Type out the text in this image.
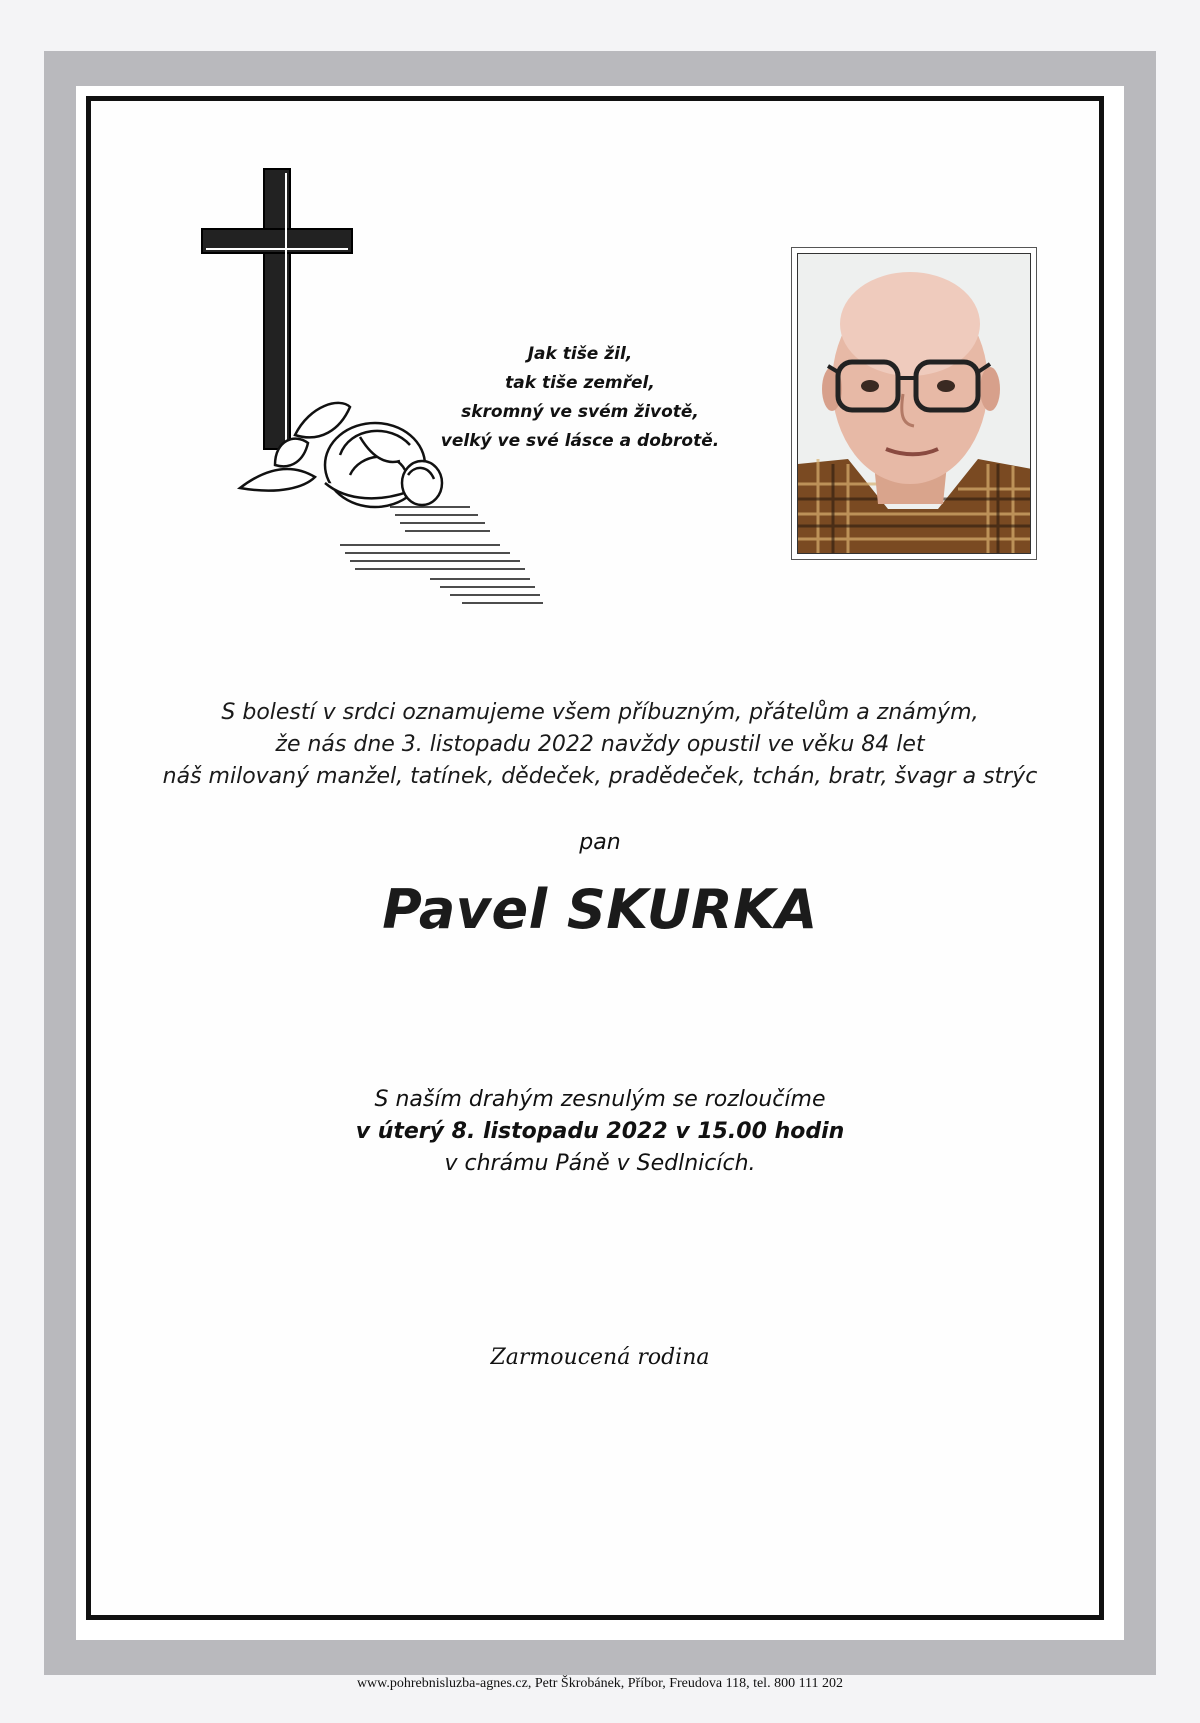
Jak tiše žil,
tak tiše zemřel,
skromný ve svém životě,
velký ve své lásce a dobrotě.
S bolestí v srdci oznamujeme všem příbuzným, přátelům a známým,
že nás dne 3. listopadu 2022 navždy opustil ve věku 84 let
náš milovaný manžel, tatínek, dědeček, pradědeček, tchán, bratr, švagr a strýc
pan
Pavel SKURKA
S naším drahým zesnulým se rozloučíme
v úterý 8. listopadu 2022 v 15.00 hodin
v chrámu Páně v Sedlnicích.
Zarmoucená rodina
www.pohrebnisluzba-agnes.cz, Petr Škrobánek, Příbor, Freudova 118, tel. 800 111 202
